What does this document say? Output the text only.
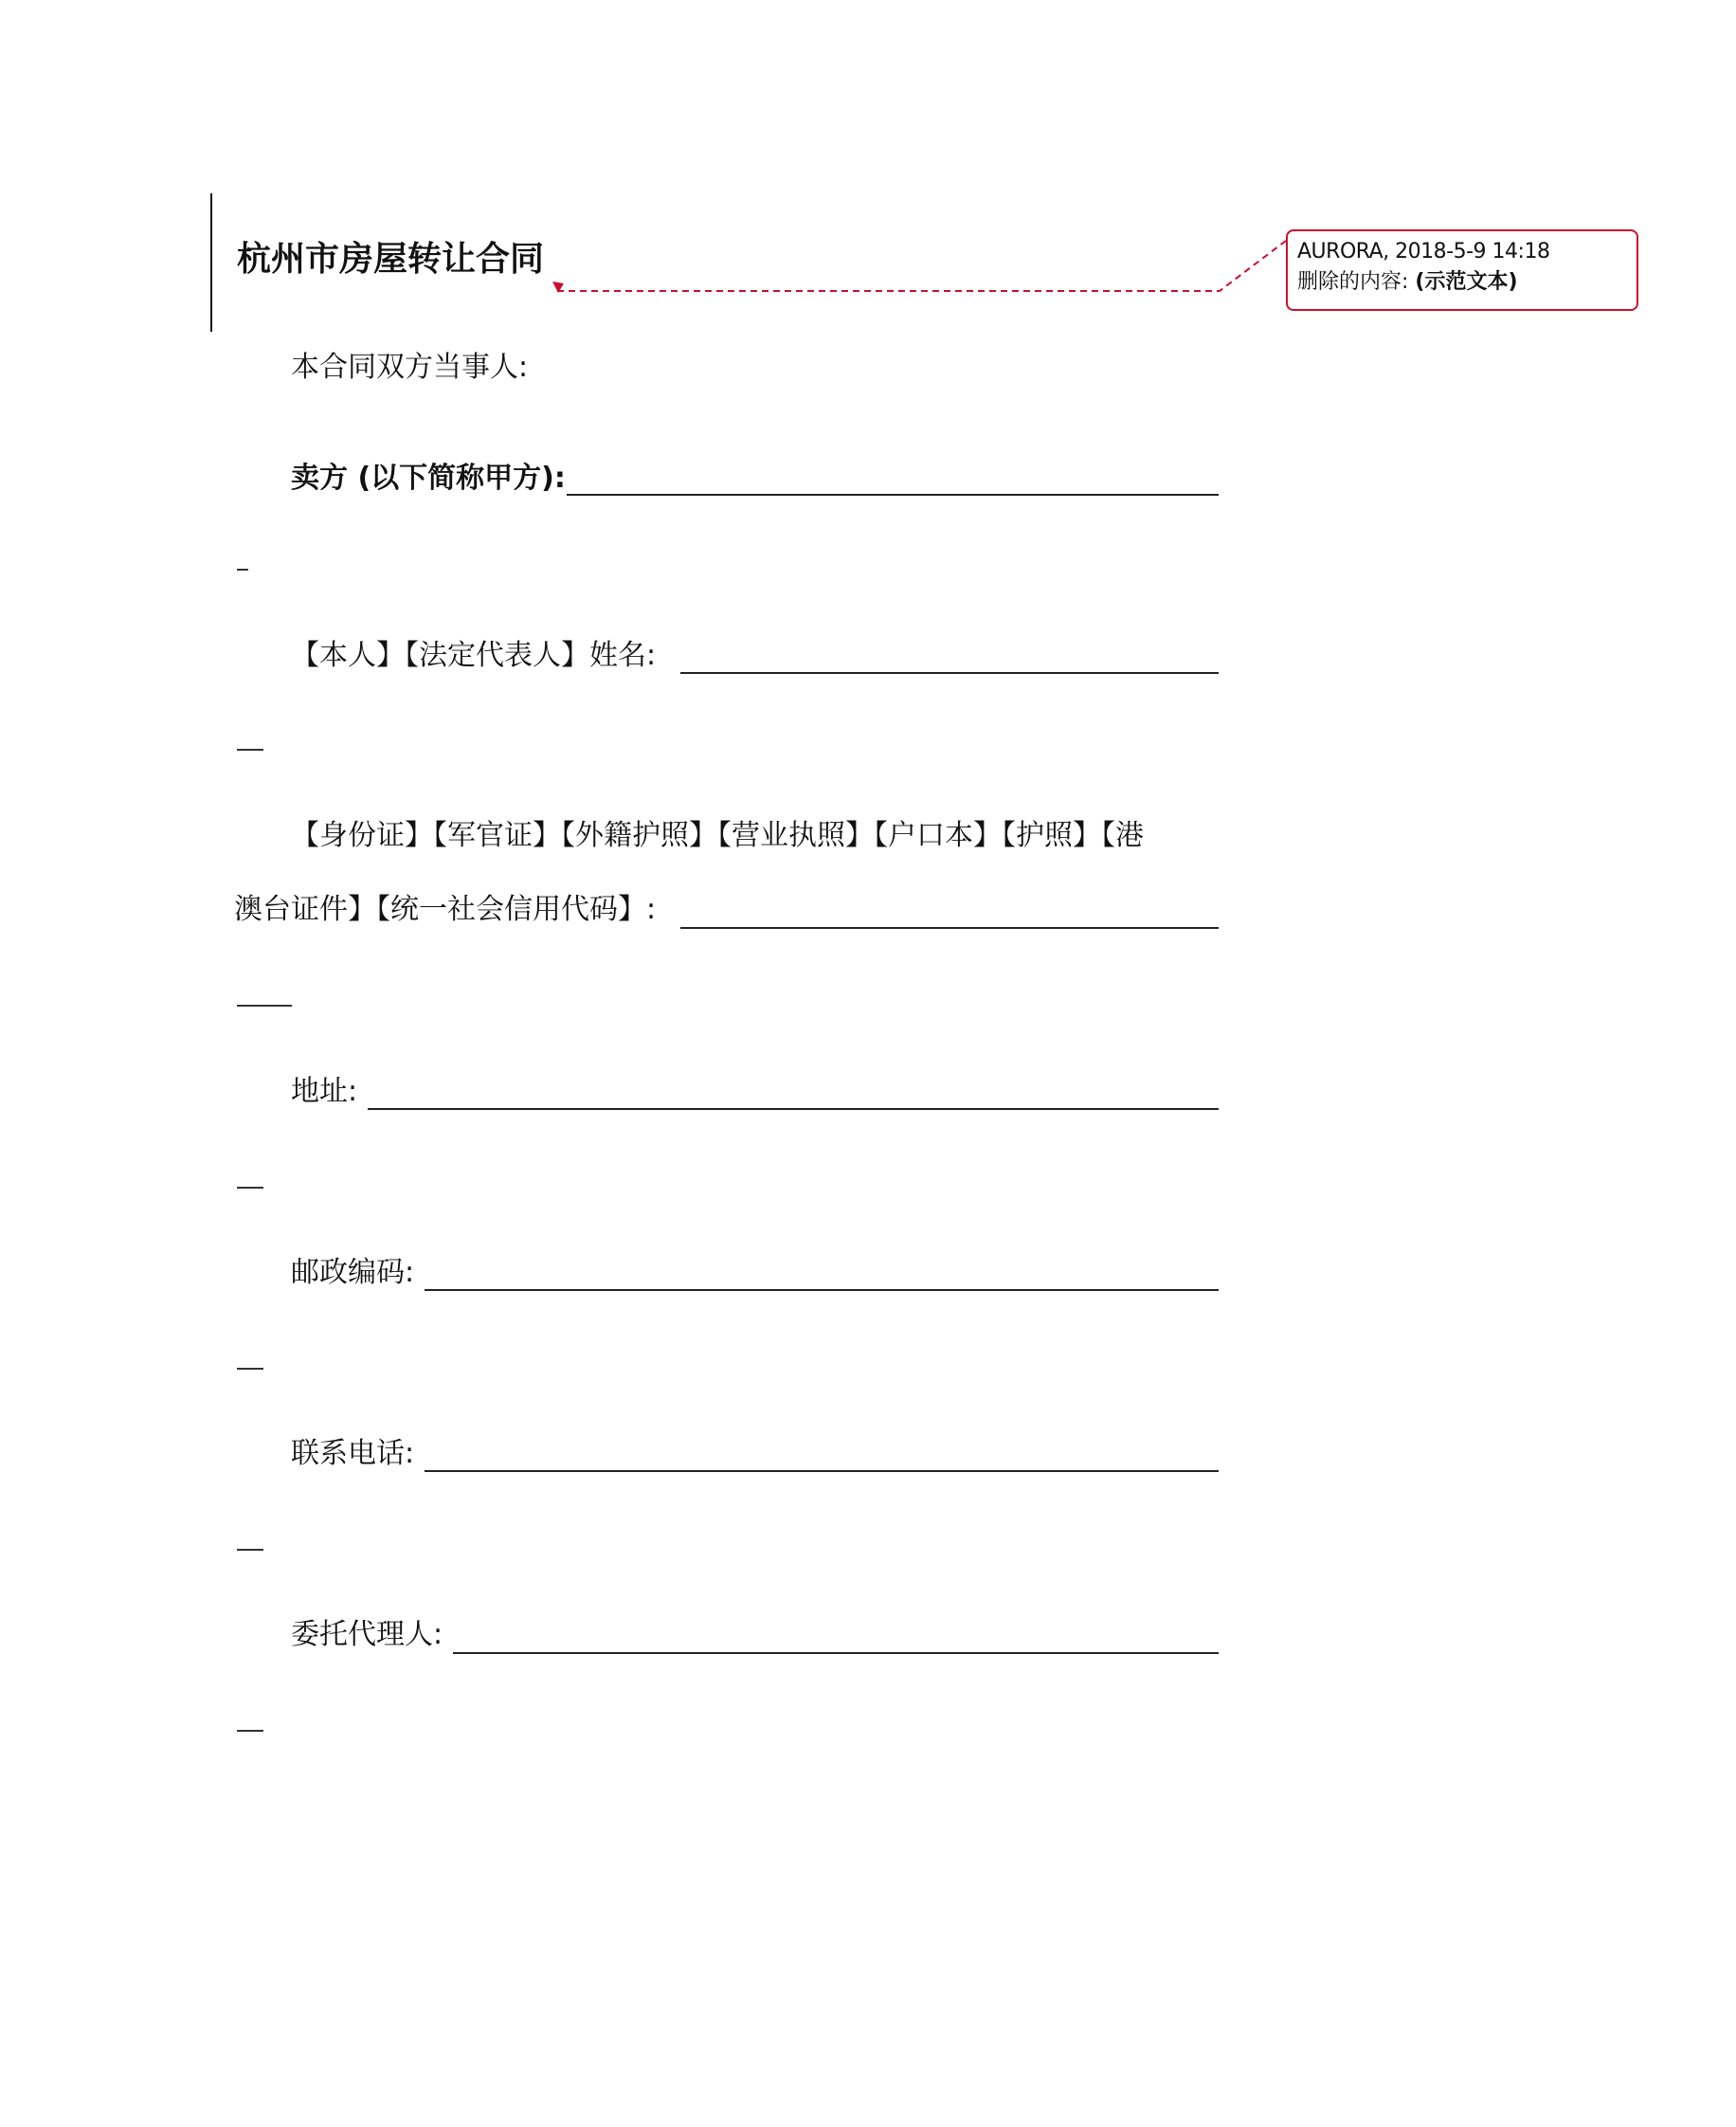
杭州市房屋转让合同
本合同双方当事人:
卖方 (以下简称甲方):
【本人】【法定代表人】姓名:
【身份证】【军官证】【外籍护照】【营业执照】【户口本】【护照】【港
澳台证件】【统一社会信用代码】:
地址:
邮政编码:
联系电话:
委托代理人:
AURORA, 2018-5-9 14:18
删除的内容: (示范文本)
